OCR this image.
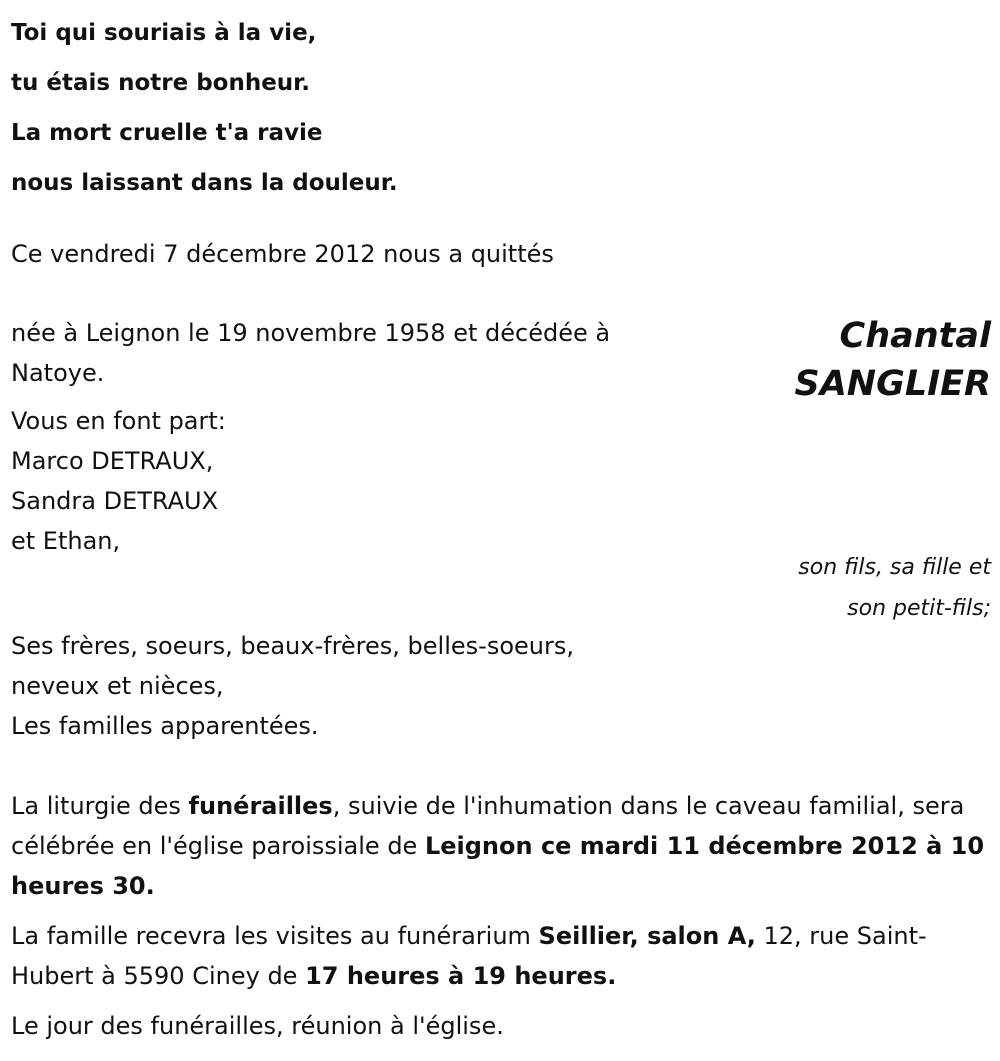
Toi qui souriais à la vie,

tu étais notre bonheur.

La mort cruelle t'a ravie

nous laissant dans la douleur.

Ce vendredi 7 décembre 2012 nous a quittés

née à Leignon le 19 novembre 1958 et décédée à Natoye.

Vous en font part:

Marco DETRAUX,

Sandra DETRAUX

et Ethan,

Chantal
SANGLIER
son fils, sa fille et
son petit-fils;

Ses frères, soeurs, beaux-frères, belles-soeurs,

neveux et nièces,

Les familles apparentées.

La liturgie des funérailles, suivie de l'inhumation dans le caveau familial, sera célébrée en l'église paroissiale de Leignon ce mardi 11 décembre 2012 à 10 heures 30.

La famille recevra les visites au funérarium Seillier, salon A, 12, rue Saint-Hubert à 5590 Ciney de 17 heures à 19 heures.

Le jour des funérailles, réunion à l'église.
